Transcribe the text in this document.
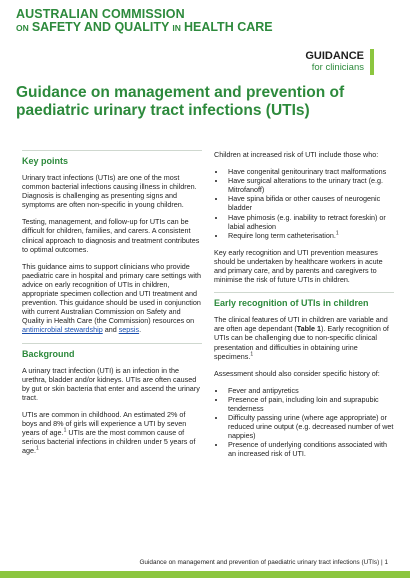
AUSTRALIAN COMMISSION
ON SAFETY AND QUALITY IN HEALTH CARE
GUIDANCE
for clinicians
Guidance on management and prevention of paediatric urinary tract infections (UTIs)
Key points

Urinary tract infections (UTIs) are one of the most common bacterial infections causing illness in children. Diagnosis is challenging as presenting signs and symptoms are often non-specific in young children.

Testing, management, and follow-up for UTIs can be difficult for children, families, and carers. A consistent clinical approach to diagnosis and treatment contributes to optimal outcomes.

This guidance aims to support clinicians who provide paediatric care in hospital and primary care settings with advice on early recognition of UTIs in children, appropriate specimen collection and UTI treatment and prevention. This guidance should be used in conjunction with current Australian Commission on Safety and Quality in Health Care (the Commission) resources on antimicrobial stewardship and sepsis.

Background

A urinary tract infection (UTI) is an infection in the urethra, bladder and/or kidneys. UTIs are often caused by gut or skin bacteria that enter and ascend the urinary tract.

UTIs are common in childhood. An estimated 2% of boys and 8% of girls will experience a UTI by seven years of age.$^1$ UTIs are the most common cause of serious bacterial infections in children under 5 years of age.$^1$

Children at increased risk of UTI include those who:

• Have congenital genitourinary tract malformations
• Have surgical alterations to the urinary tract (e.g. Mitrofanoff)
• Have spina bifida or other causes of neurogenic bladder
• Have phimosis (e.g. inability to retract foreskin) or labial adhesion
• Require long term catheterisation.$^1$

Key early recognition and UTI prevention measures should be undertaken by healthcare workers in acute and primary care, and by parents and caregivers to minimise the risk of future UTIs in children.

Early recognition of UTIs in children

The clinical features of UTI in children are variable and are often age dependant (Table 1). Early recognition of UTIs can be challenging due to non-specific clinical presentation and difficulties in obtaining urine specimens.$^1$

Assessment should also consider specific history of:

• Fever and antipyretics
• Presence of pain, including loin and suprapubic tenderness
• Difficulty passing urine (where age appropriate) or reduced urine output (e.g. decreased number of wet nappies)
• Presence of underlying conditions associated with an increased risk of UTI.
Guidance on management and prevention of paediatric urinary tract infections (UTIs) | 1
